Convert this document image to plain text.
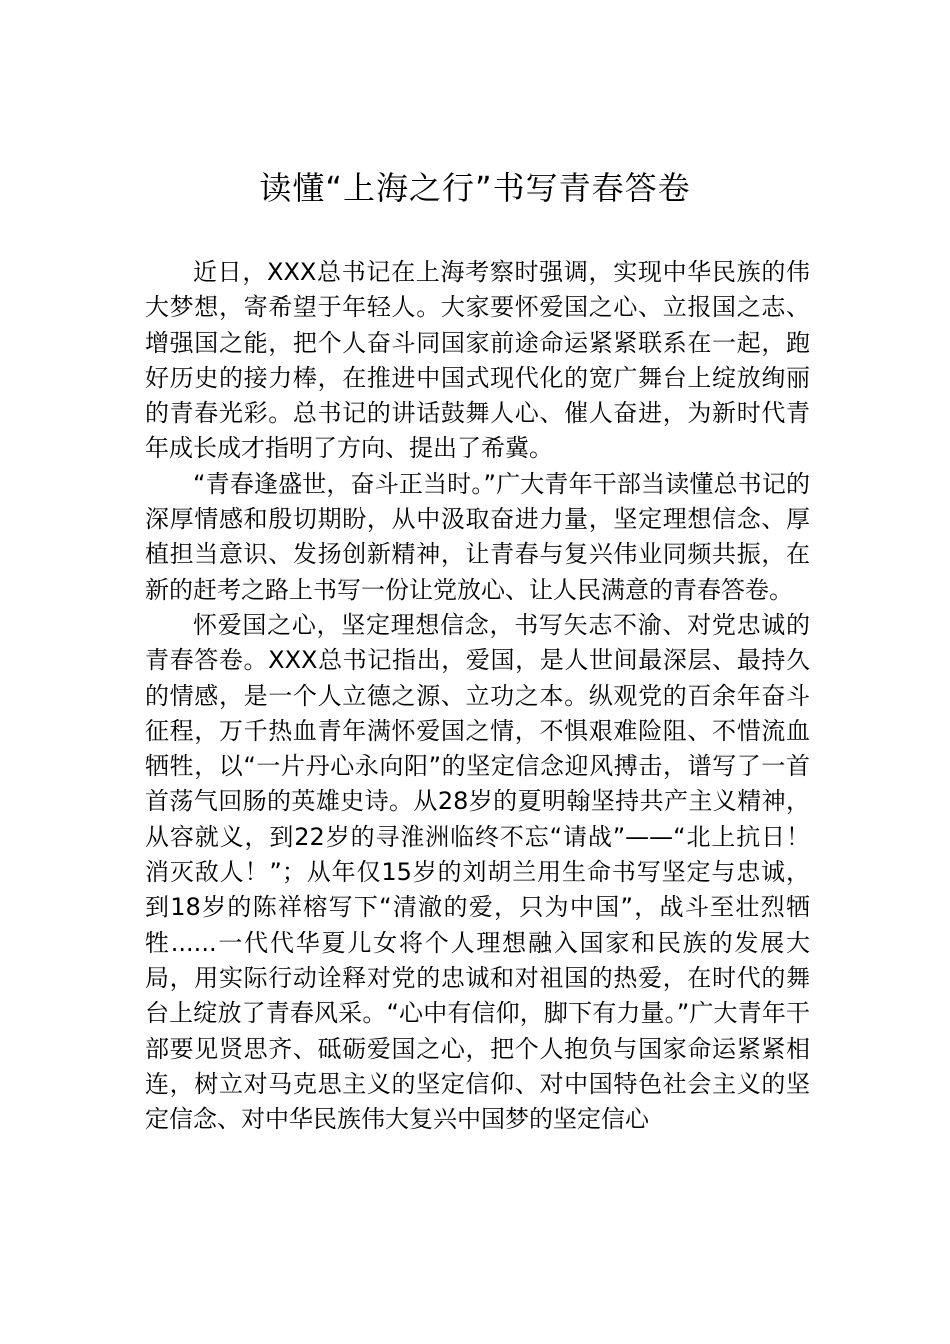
读懂“上海之行”书写青春答卷

近日，XXX总书记在上海考察时强调，实现中华民族的伟大梦想，寄希望于年轻人。大家要怀爱国之心、立报国之志、增强国之能，把个人奋斗同国家前途命运紧紧联系在一起，跑好历史的接力棒，在推进中国式现代化的宽广舞台上绽放绚丽的青春光彩。总书记的讲话鼓舞人心、催人奋进，为新时代青年成长成才指明了方向、提出了希冀。

“青春逢盛世，奋斗正当时。”广大青年干部当读懂总书记的深厚情感和殷切期盼，从中汲取奋进力量，坚定理想信念、厚植担当意识、发扬创新精神，让青春与复兴伟业同频共振，在新的赶考之路上书写一份让党放心、让人民满意的青春答卷。

怀爱国之心，坚定理想信念，书写矢志不渝、对党忠诚的青春答卷。XXX总书记指出，爱国，是人世间最深层、最持久的情感，是一个人立德之源、立功之本。纵观党的百余年奋斗征程，万千热血青年满怀爱国之情，不惧艰难险阻、不惜流血牺牲，以“一片丹心永向阳”的坚定信念迎风搏击，谱写了一首首荡气回肠的英雄史诗。从28岁的夏明翰坚持共产主义精神，从容就义，到22岁的寻淮洲临终不忘“请战”——“北上抗日！消灭敌人！”；从年仅15岁的刘胡兰用生命书写坚定与忠诚，到18岁的陈祥榕写下“清澈的爱，只为中国”，战斗至壮烈牺牲......一代代华夏儿女将个人理想融入国家和民族的发展大局，用实际行动诠释对党的忠诚和对祖国的热爱，在时代的舞台上绽放了青春风采。“心中有信仰，脚下有力量。”广大青年干部要见贤思齐、砥砺爱国之心，把个人抱负与国家命运紧紧相连，树立对马克思主义的坚定信仰、对中国特色社会主义的坚定信念、对中华民族伟大复兴中国梦的坚定信心
